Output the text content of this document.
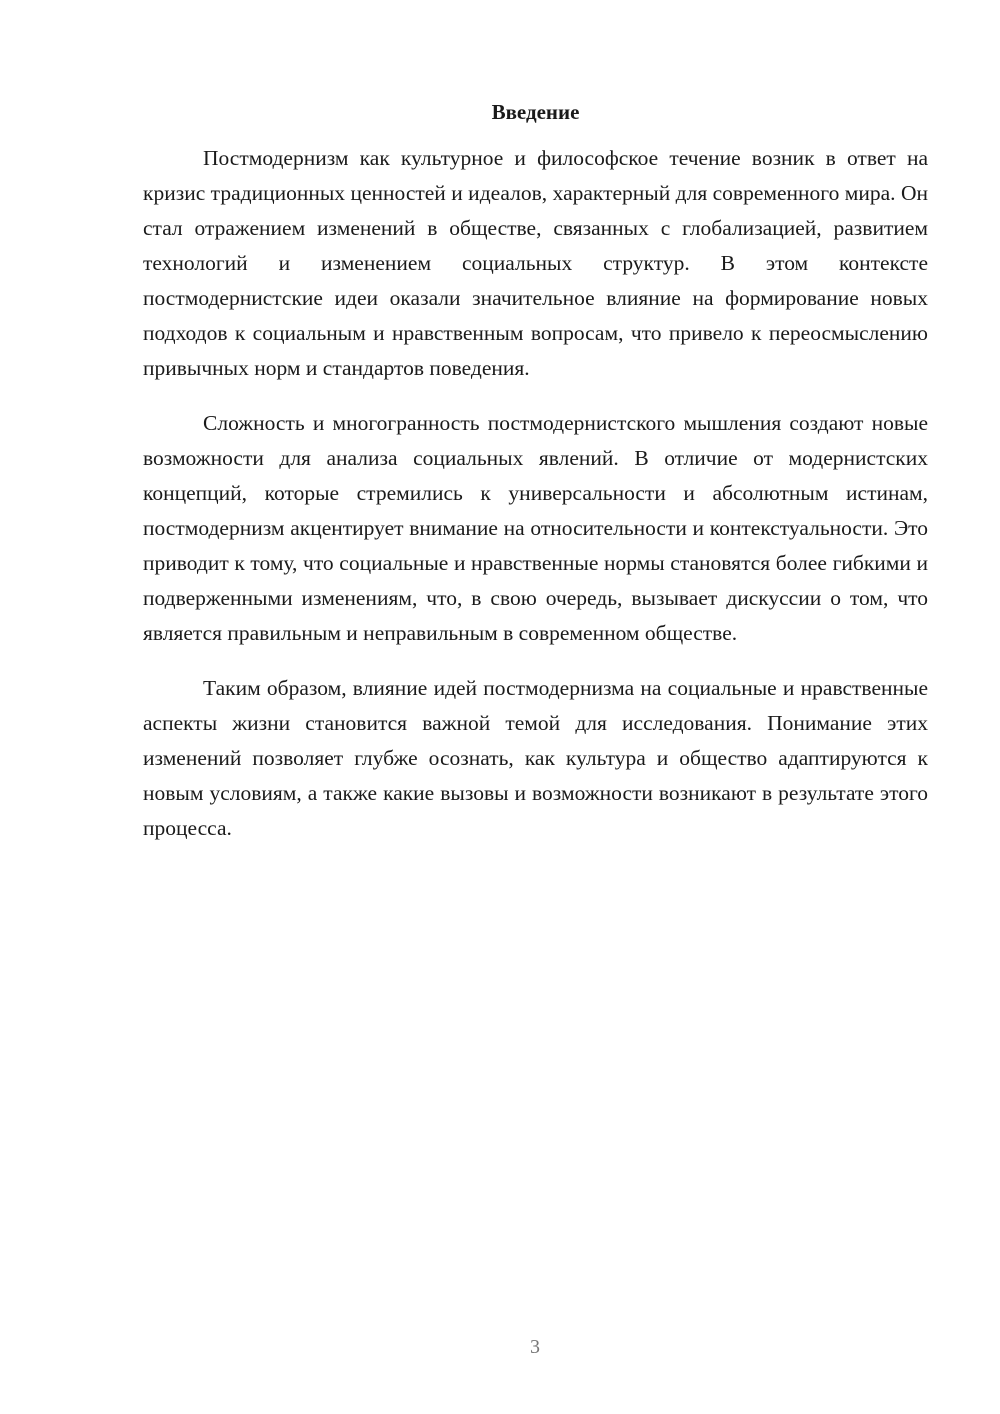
Введение

Постмодернизм как культурное и философское течение возник в ответ на кризис традиционных ценностей и идеалов, характерный для современного мира. Он стал отражением изменений в обществе, связанных с глобализацией, развитием технологий и изменением социальных структур. В этом контексте постмодернистские идеи оказали значительное влияние на формирование новых подходов к социальным и нравственным вопросам, что привело к переосмыслению привычных норм и стандартов поведения.

Сложность и многогранность постмодернистского мышления создают новые возможности для анализа социальных явлений. В отличие от модернистских концепций, которые стремились к универсальности и абсолютным истинам, постмодернизм акцентирует внимание на относительности и контекстуальности. Это приводит к тому, что социальные и нравственные нормы становятся более гибкими и подверженными изменениям, что, в свою очередь, вызывает дискуссии о том, что является правильным и неправильным в современном обществе.

Таким образом, влияние идей постмодернизма на социальные и нравственные аспекты жизни становится важной темой для исследования. Понимание этих изменений позволяет глубже осознать, как культура и общество адаптируются к новым условиям, а также какие вызовы и возможности возникают в результате этого процесса.

3
